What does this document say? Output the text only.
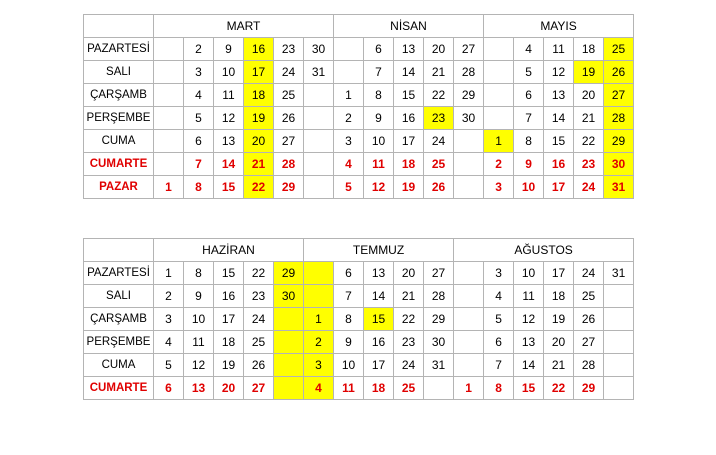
	MART						NİSAN					MAYIS				
PAZARTESİ		2	9	16	23	30		6	13	20	27		4	11	18	25
SALI		3	10	17	24	31		7	14	21	28		5	12	19	26
ÇARŞAMB		4	11	18	25		1	8	15	22	29		6	13	20	27
PERŞEMBE		5	12	19	26		2	9	16	23	30		7	14	21	28
CUMA		6	13	20	27		3	10	17	24		1	8	15	22	29
CUMARTE		7	14	21	28		4	11	18	25		2	9	16	23	30
PAZAR	1	8	15	22	29		5	12	19	26		3	10	17	24	31
	HAZİRAN					TEMMUZ					AĞUSTOS					
PAZARTESİ	1	8	15	22	29		6	13	20	27		3	10	17	24	31
SALI	2	9	16	23	30		7	14	21	28		4	11	18	25	
ÇARŞAMB	3	10	17	24		1	8	15	22	29		5	12	19	26	
PERŞEMBE	4	11	18	25		2	9	16	23	30		6	13	20	27	
CUMA	5	12	19	26		3	10	17	24	31		7	14	21	28	
CUMARTE	6	13	20	27		4	11	18	25		1	8	15	22	29	
